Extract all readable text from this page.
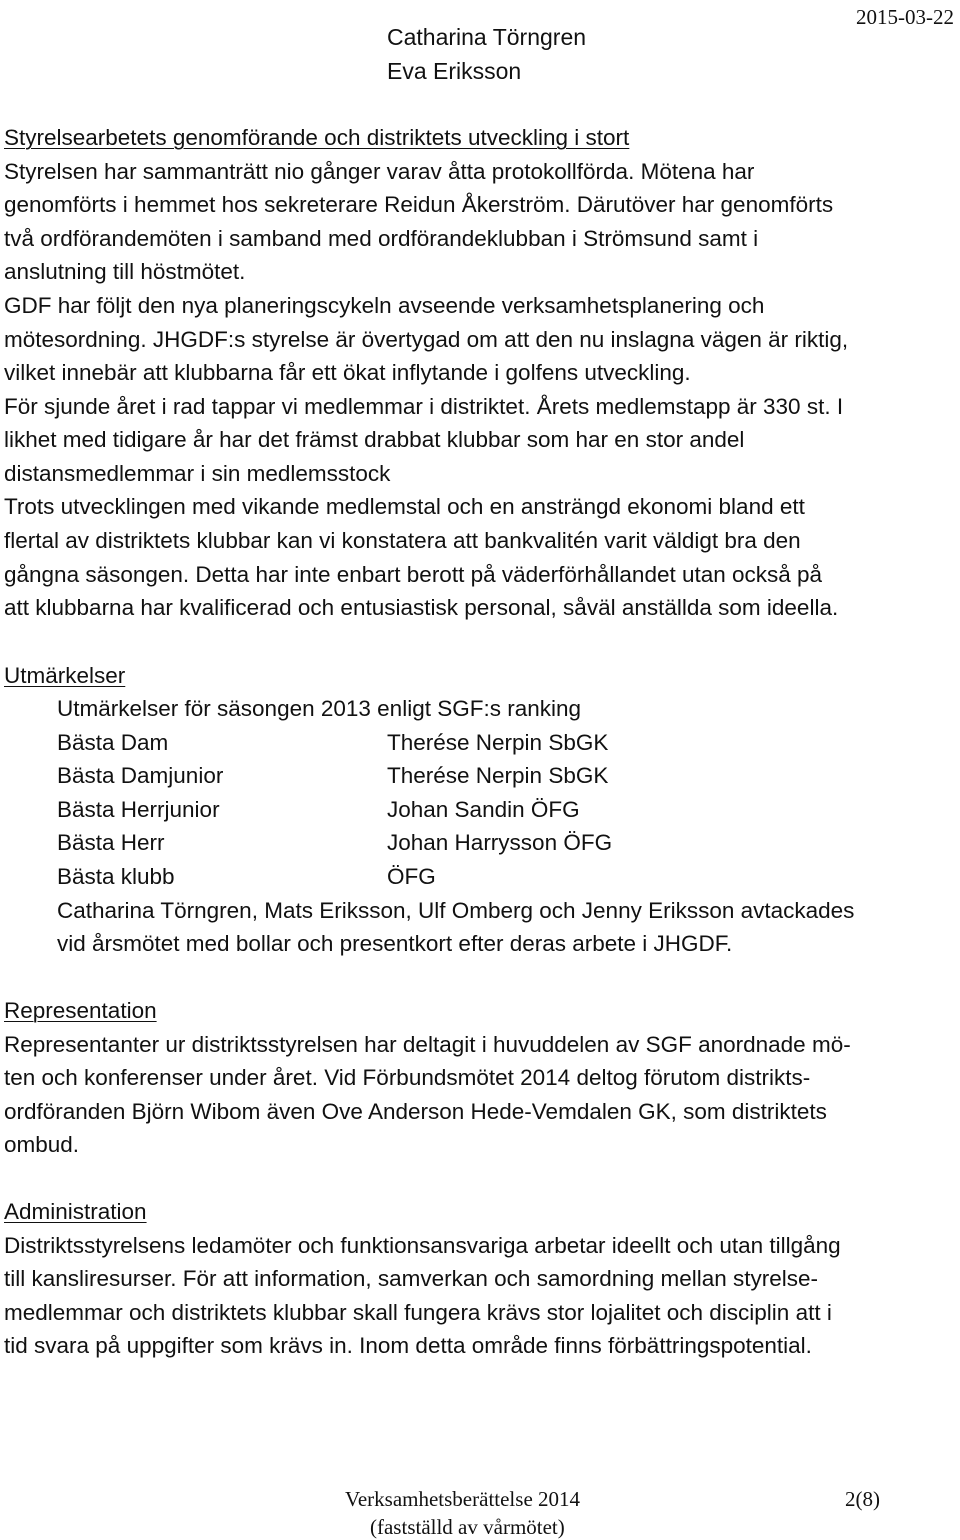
Catharina Törngren
Eva Eriksson
2015-03-22
Styrelsearbetets genomförande och distriktets utveckling i stort
Styrelsen har sammanträtt nio gånger varav åtta protokollförda. Mötena har
genomförts i hemmet hos sekreterare Reidun Åkerström. Därutöver har genomförts
två ordförandemöten i samband med ordförandeklubban i Strömsund samt i
anslutning till höstmötet.
GDF har följt den nya planeringscykeln avseende verksamhetsplanering och
mötesordning. JHGDF:s styrelse är övertygad om att den nu inslagna vägen är riktig,
vilket innebär att klubbarna får ett ökat inflytande i golfens utveckling.
För sjunde året i rad tappar vi medlemmar i distriktet. Årets medlemstapp är 330 st. I
likhet med tidigare år har det främst drabbat klubbar som har en stor andel
distansmedlemmar i sin medlemsstock
Trots utvecklingen med vikande medlemstal och en ansträngd ekonomi bland ett
flertal av distriktets klubbar kan vi konstatera att bankvalitén varit väldigt bra den
gångna säsongen. Detta har inte enbart berott på väderförhållandet utan också på
att klubbarna har kvalificerad och entusiastisk personal, såväl anställda som ideella.
Utmärkelser
Utmärkelser för säsongen 2013 enligt SGF:s ranking
Bästa Dam	Therése Nerpin SbGK
Bästa Damjunior	Therése Nerpin SbGK
Bästa Herrjunior	Johan Sandin ÖFG
Bästa Herr	Johan Harrysson ÖFG
Bästa klubb	ÖFG
Catharina Törngren, Mats Eriksson, Ulf Omberg och Jenny Eriksson avtackades
vid årsmötet med bollar och presentkort efter deras arbete i JHGDF.
Representation
Representanter ur distriktsstyrelsen har deltagit i huvuddelen av SGF anordnade mö-
ten och konferenser under året. Vid Förbundsmötet 2014 deltog förutom distrikts-
ordföranden Björn Wibom även Ove Anderson Hede-Vemdalen GK, som distriktets
ombud.
Administration
Distriktsstyrelsens ledamöter och funktionsansvariga arbetar ideellt och utan tillgång
till kansliresurser. För att information, samverkan och samordning mellan styrelse-
medlemmar och distriktets klubbar skall fungera krävs stor lojalitet och disciplin att i
tid svara på uppgifter som krävs in. Inom detta område finns förbättringspotential.
Verksamhetsberättelse 2014	2(8)
(fastställd av vårmötet)
